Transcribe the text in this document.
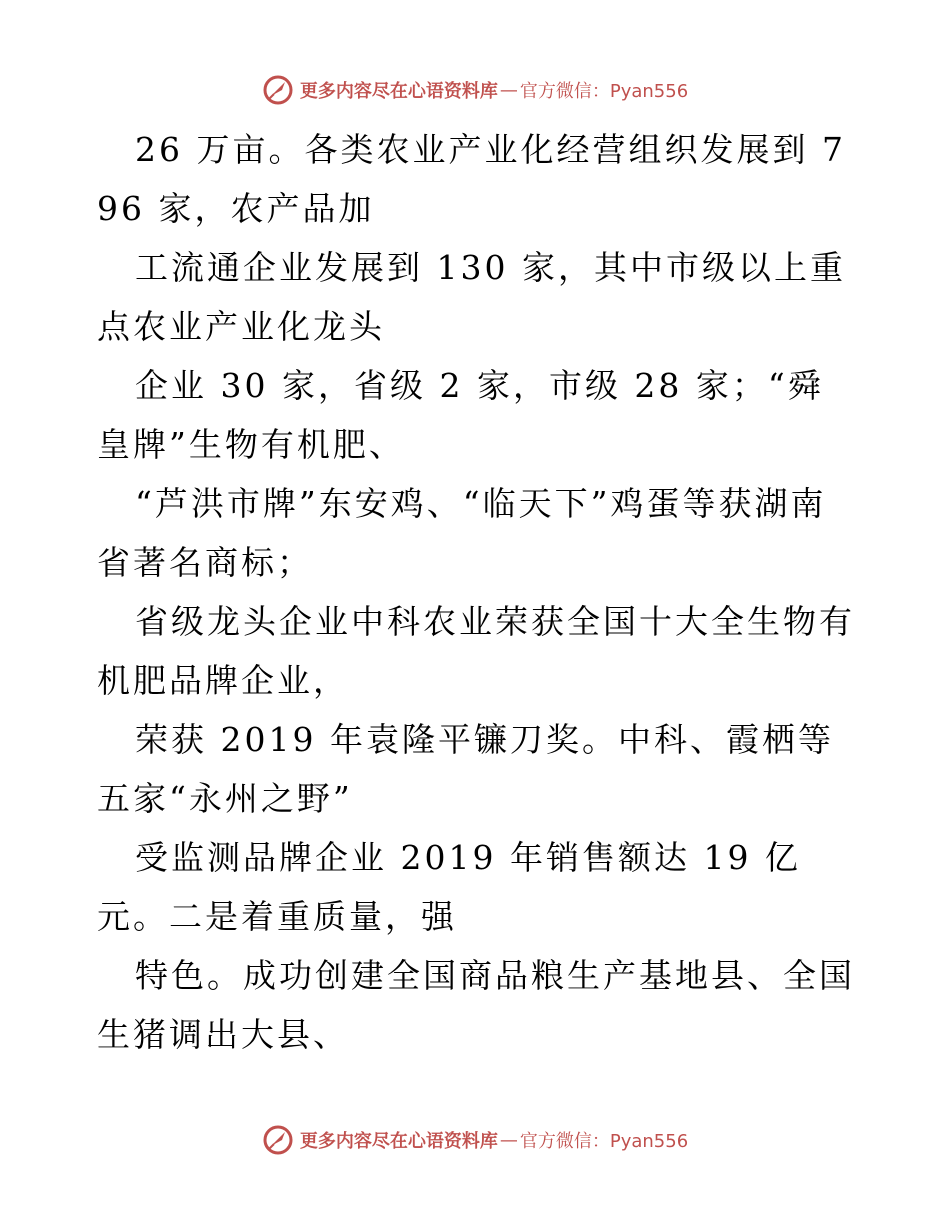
更多内容尽在心语资料库 — 官方微信：Pyan556

26 万亩。各类农业产业化经营组织发展到 796 家，农产品加

工流通企业发展到 130 家，其中市级以上重点农业产业化龙头

企业 30 家，省级 2 家，市级 28 家；“舜皇牌”生物有机肥、

“芦洪市牌”东安鸡、“临天下”鸡蛋等获湖南省著名商标；

省级龙头企业中科农业荣获全国十大全生物有机肥品牌企业，

荣获 2019 年袁隆平镰刀奖。中科、霞栖等五家“永州之野”

受监测品牌企业 2019 年销售额达 19 亿元。二是着重质量，强

特色。成功创建全国商品粮生产基地县、全国生猪调出大县、

更多内容尽在心语资料库 — 官方微信：Pyan556
